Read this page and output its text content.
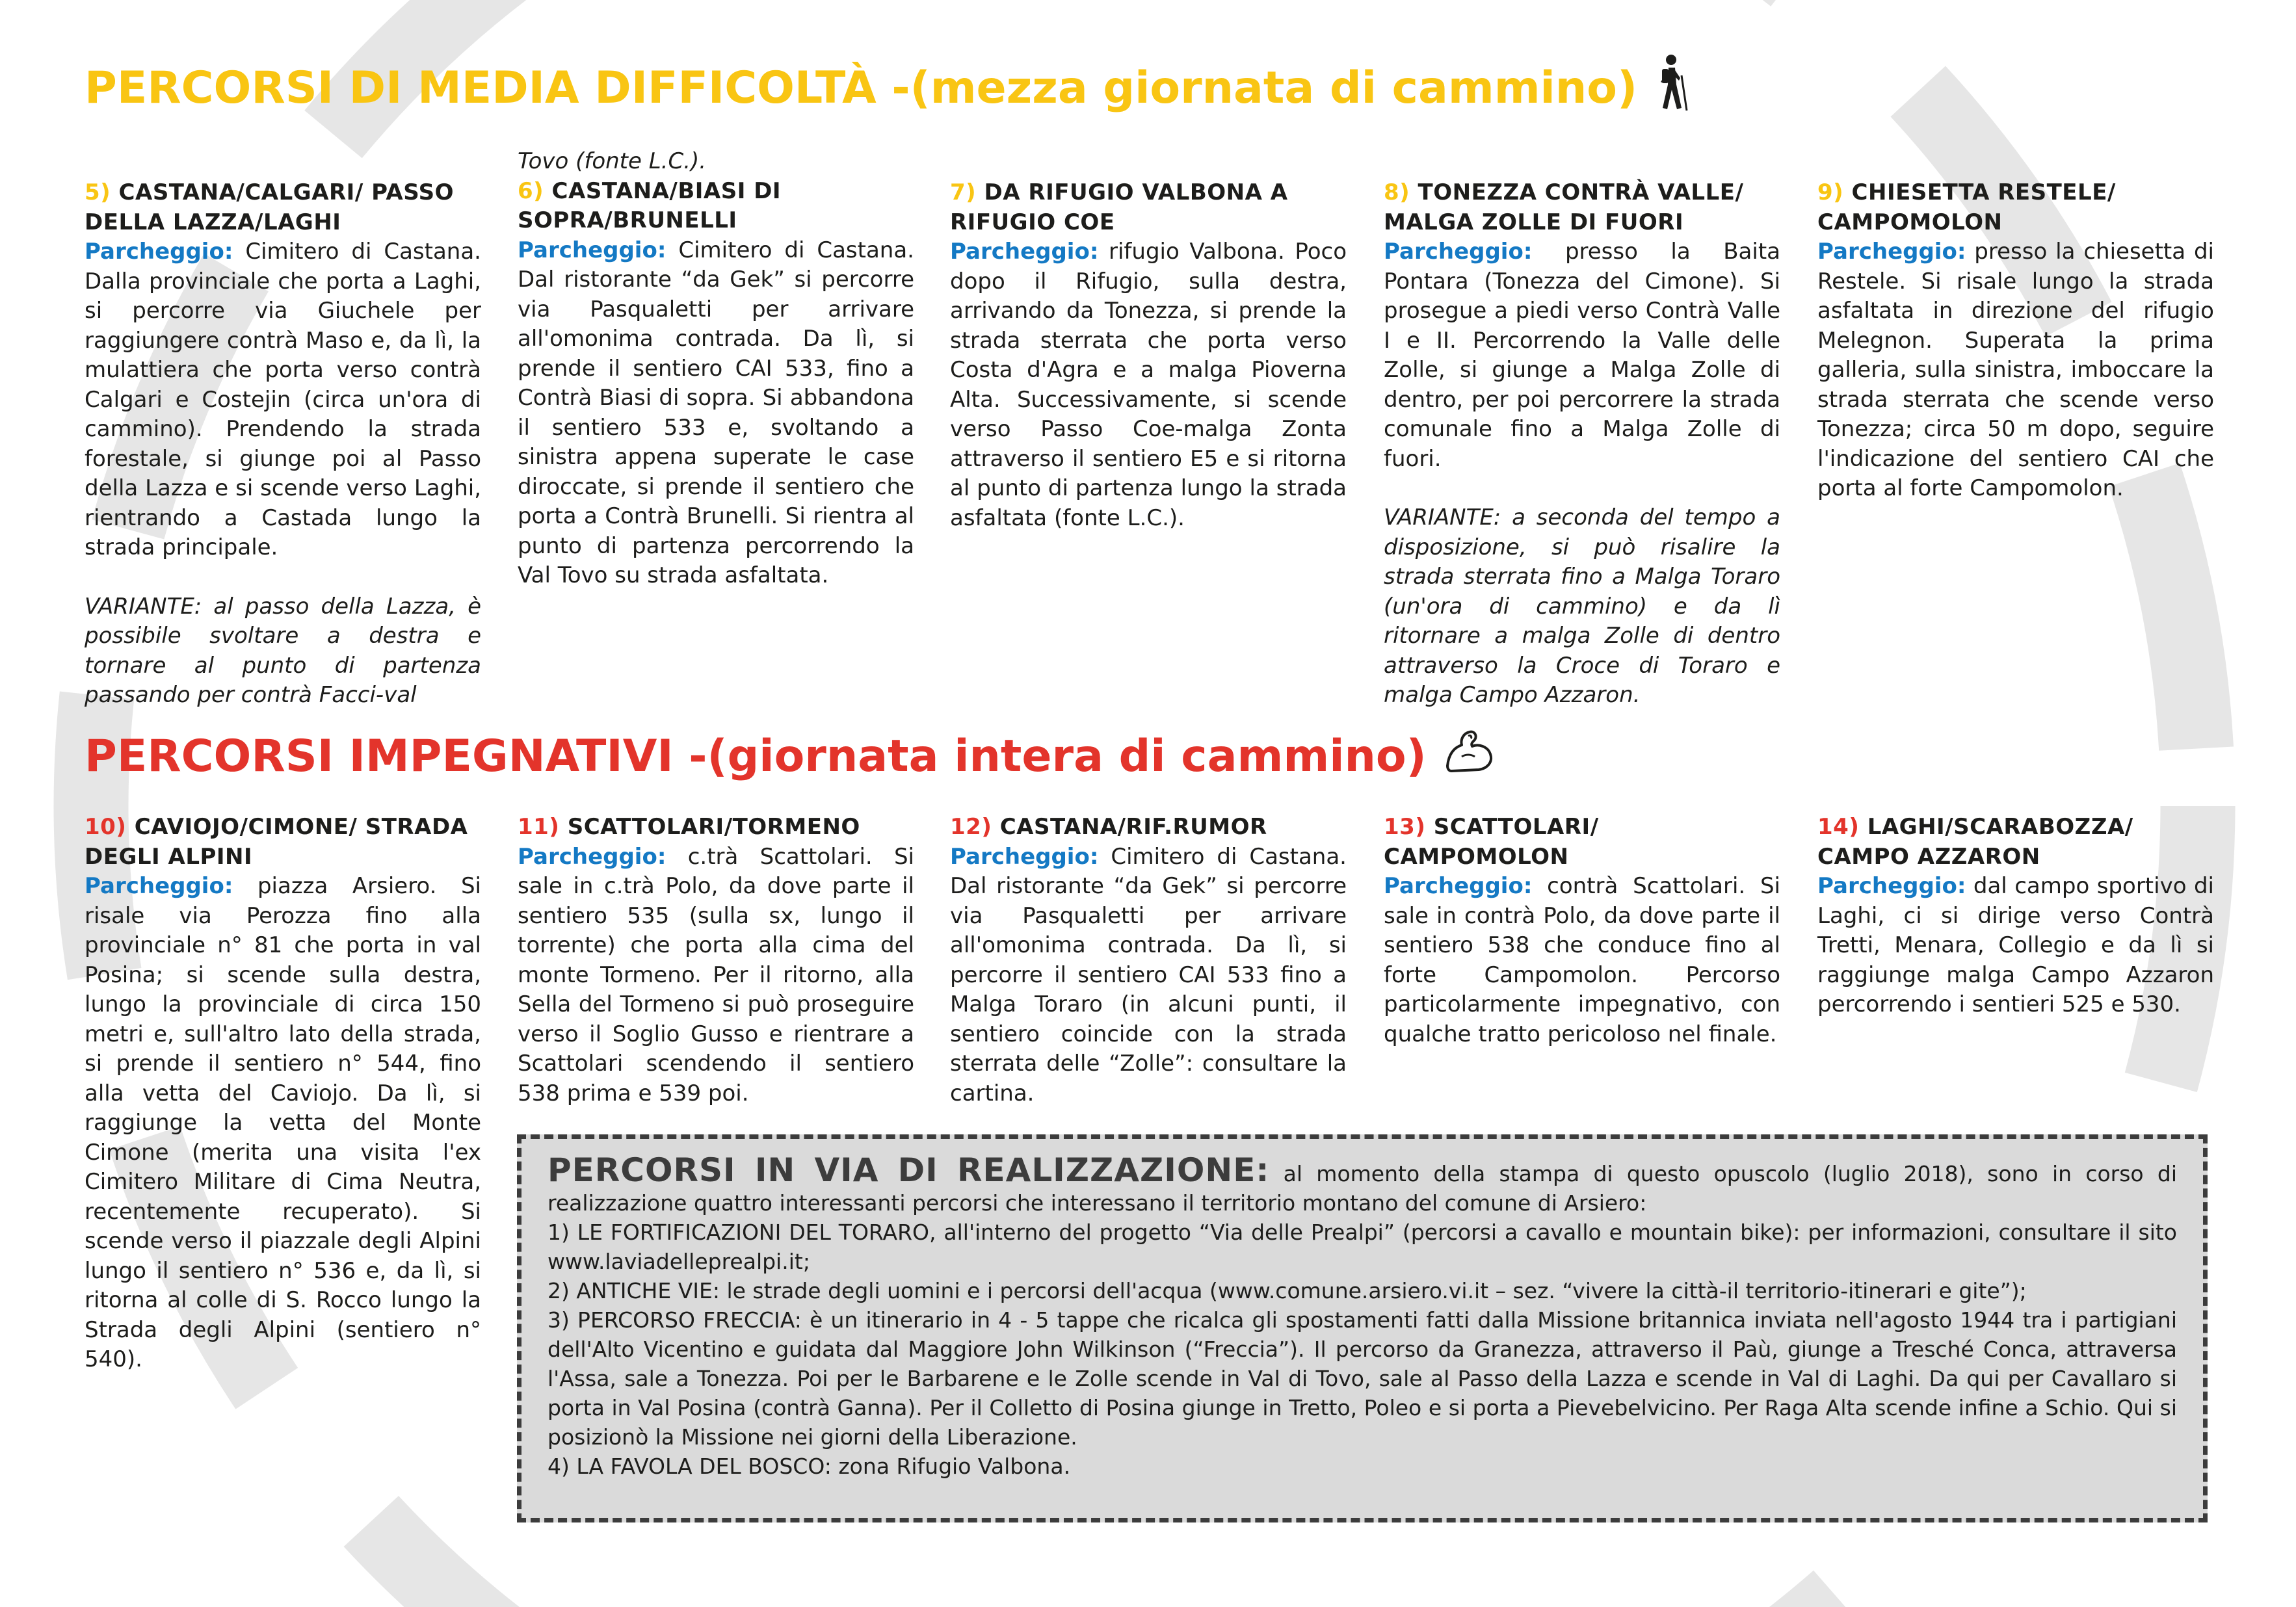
PERCORSI DI MEDIA DIFFICOLTÀ - (mezza giornata di cammino)

5) CASTANA/CALGARI/ PASSO DELLA LAZZA/LAGHI

Parcheggio: Cimitero di Castana. Dalla provinciale che porta a Laghi, si percorre via Giuchele per raggiungere contrà Maso e, da lì, la mulattiera che porta verso contrà Calgari e Costejin (circa un'ora di cammino). Prendendo la strada forestale, si giunge poi al Passo della Lazza e si scende verso Laghi, rientrando a Castada lungo la strada principale.

VARIANTE: al passo della Lazza, è possibile svoltare a destra e tornare al punto di partenza passando per contrà Facci-val

Tovo (fonte L.C.).

6) CASTANA/BIASI DI SOPRA/BRUNELLI

Parcheggio: Cimitero di Castana. Dal ristorante “da Gek” si percorre via Pasqualetti per arrivare all'omonima contrada. Da lì, si prende il sentiero CAI 533, fino a Contrà Biasi di sopra. Si abbandona il sentiero 533 e, svoltando a sinistra appena superate le case diroccate, si prende il sentiero che porta a Contrà Brunelli. Si rientra al punto di partenza percorrendo la Val Tovo su strada asfaltata.

7) DA RIFUGIO VALBONA A RIFUGIO COE

Parcheggio: rifugio Valbona. Poco dopo il Rifugio, sulla destra, arrivando da Tonezza, si prende la strada sterrata che porta verso Costa d'Agra e a malga Pioverna Alta. Successivamente, si scende verso Passo Coe-malga Zonta attraverso il sentiero E5 e si ritorna al punto di partenza lungo la strada asfaltata (fonte L.C.).

8) TONEZZA CONTRÀ VALLE/ MALGA ZOLLE DI FUORI

Parcheggio: presso la Baita Pontara (Tonezza del Cimone). Si prosegue a piedi verso Contrà Valle I e II. Percorrendo la Valle delle Zolle, si giunge a Malga Zolle di dentro, per poi percorrere la strada comunale fino a Malga Zolle di fuori.

VARIANTE: a seconda del tempo a disposizione, si può risalire la strada sterrata fino a Malga Toraro (un'ora di cammino) e da lì ritornare a malga Zolle di dentro attraverso la Croce di Toraro e malga Campo Azzaron.

9) CHIESETTA RESTELE/ CAMPOMOLON

Parcheggio: presso la chiesetta di Restele. Si risale lungo la strada asfaltata in direzione del rifugio Melegnon. Superata la prima galleria, sulla sinistra, imboccare la strada sterrata che scende verso Tonezza; circa 50 m dopo, seguire l'indicazione del sentiero CAI che porta al forte Campomolon.

PERCORSI IMPEGNATIVI - (giornata intera di cammino)

10) CAVIOJO/CIMONE/ STRADA DEGLI ALPINI

Parcheggio: piazza Arsiero. Si risale via Perozza fino alla provinciale n° 81 che porta in val Posina; si scende sulla destra, lungo la provinciale di circa 150 metri e, sull'altro lato della strada, si prende il sentiero n° 544, fino alla vetta del Caviojo. Da lì, si raggiunge la vetta del Monte Cimone (merita una visita l'ex Cimitero Militare di Cima Neutra, recentemente recuperato). Si scende verso il piazzale degli Alpini lungo il sentiero n° 536 e, da lì, si ritorna al colle di S. Rocco lungo la Strada degli Alpini (sentiero n° 540).

11) SCATTOLARI/TORMENO

Parcheggio: c.trà Scattolari. Si sale in c.trà Polo, da dove parte il sentiero 535 (sulla sx, lungo il torrente) che porta alla cima del monte Tormeno. Per il ritorno, alla Sella del Tormeno si può proseguire verso il Soglio Gusso e rientrare a Scattolari scendendo il sentiero 538 prima e 539 poi.

12) CASTANA/RIF.RUMOR

Parcheggio: Cimitero di Castana. Dal ristorante “da Gek” si percorre via Pasqualetti per arrivare all'omonima contrada. Da lì, si percorre il sentiero CAI 533 fino a Malga Toraro (in alcuni punti, il sentiero coincide con la strada sterrata delle “Zolle”: consultare la cartina.

13) SCATTOLARI/ CAMPOMOLON

Parcheggio: contrà Scattolari. Si sale in contrà Polo, da dove parte il sentiero 538 che conduce fino al forte Campomolon. Percorso particolarmente impegnativo, con qualche tratto pericoloso nel finale.

14) LAGHI/SCARABOZZA/ CAMPO AZZARON

Parcheggio: dal campo sportivo di Laghi, ci si dirige verso Contrà Tretti, Menara, Collegio e da lì si raggiunge malga Campo Azzaron percorrendo i sentieri 525 e 530.

PERCORSI IN VIA DI REALIZZAZIONE: al momento della stampa di questo opuscolo (luglio 2018), sono in corso di realizzazione quattro interessanti percorsi che interessano il territorio montano del comune di Arsiero:

1) LE FORTIFICAZIONI DEL TORARO, all'interno del progetto “Via delle Prealpi” (percorsi a cavallo e mountain bike): per informazioni, consultare il sito www.laviadelleprealpi.it;

2) ANTICHE VIE: le strade degli uomini e i percorsi dell'acqua (www.comune.arsiero.vi.it – sez. “vivere la città-il territorio-itinerari e gite”);

3) PERCORSO FRECCIA: è un itinerario in 4 - 5 tappe che ricalca gli spostamenti fatti dalla Missione britannica inviata nell'agosto 1944 tra i partigiani dell'Alto Vicentino e guidata dal Maggiore John Wilkinson (“Freccia”). Il percorso da Granezza, attraverso il Paù, giunge a Tresché Conca, attraversa l'Assa, sale a Tonezza. Poi per le Barbarene e le Zolle scende in Val di Tovo, sale al Passo della Lazza e scende in Val di Laghi. Da qui per Cavallaro si porta in Val Posina (contrà Ganna). Per il Colletto di Posina giunge in Tretto, Poleo e si porta a Pievebelvicino. Per Raga Alta scende infine a Schio. Qui si posizionò la Missione nei giorni della Liberazione.

4) LA FAVOLA DEL BOSCO: zona Rifugio Valbona.
